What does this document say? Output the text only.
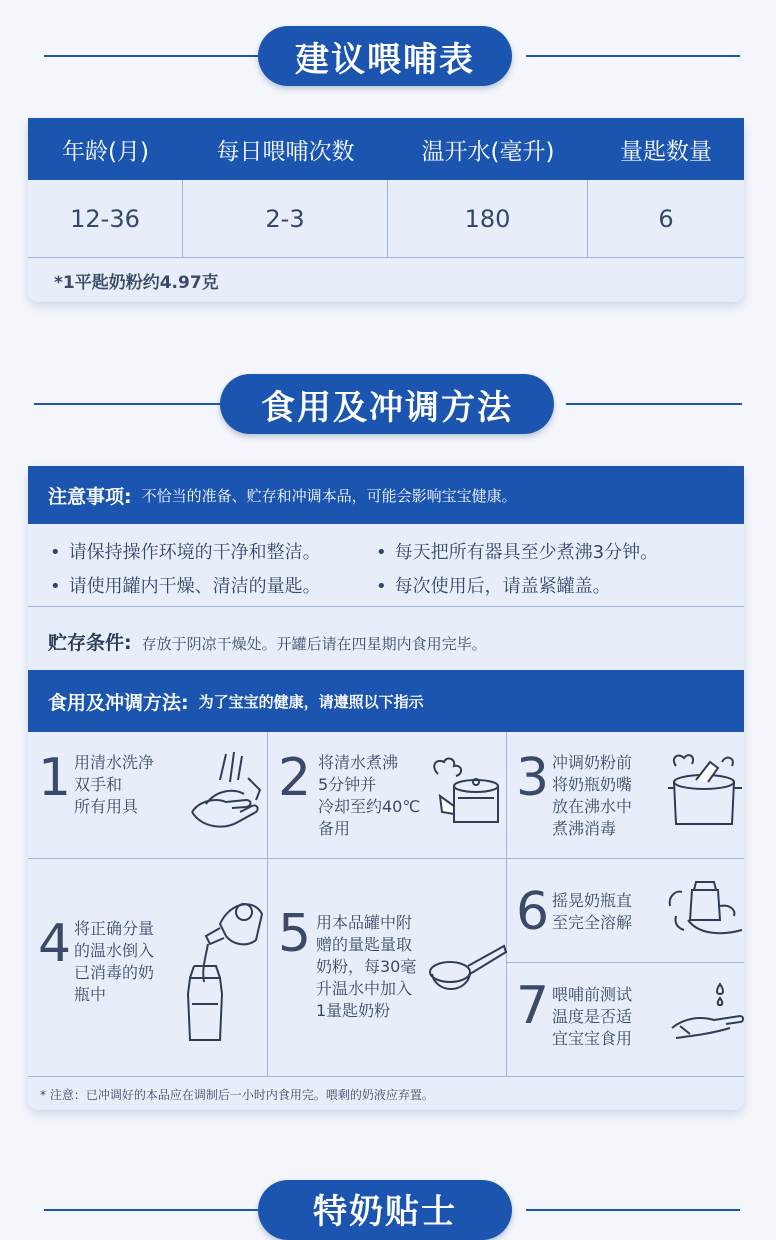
建议喂哺表
年龄(月)	每日喂哺次数	温开水(毫升)	量匙数量
12-36	2-3	180	6
*1平匙奶粉约4.97克
食用及冲调方法
注意事项: 不恰当的准备、贮存和冲调本品，可能会影响宝宝健康。
• 请保持操作环境的干净和整洁。	• 每天把所有器具至少煮沸3分钟。
• 请使用罐内干燥、清洁的量匙。	• 每次使用后，请盖紧罐盖。
贮存条件: 存放于阴凉干燥处。开罐后请在四星期内食用完毕。
食用及冲调方法: 为了宝宝的健康，请遵照以下指示
1 用清水洗净
双手和
所有用具	2 将清水煮沸
5分钟并
冷却至约40℃
备用
3 冲调奶粉前
将奶瓶奶嘴
放在沸水中
煮沸消毒
4 将正确分量
的温水倒入
已消毒的奶
瓶中
5 用本品罐中附
赠的量匙量取
奶粉，每30毫
升温水中加入
1量匙奶粉
6 摇晃奶瓶直
至完全溶解
7 喂哺前测试
温度是否适
宜宝宝食用
* 注意：已冲调好的本品应在调制后一小时内食用完。喂剩的奶液应弃置。
特奶贴士
